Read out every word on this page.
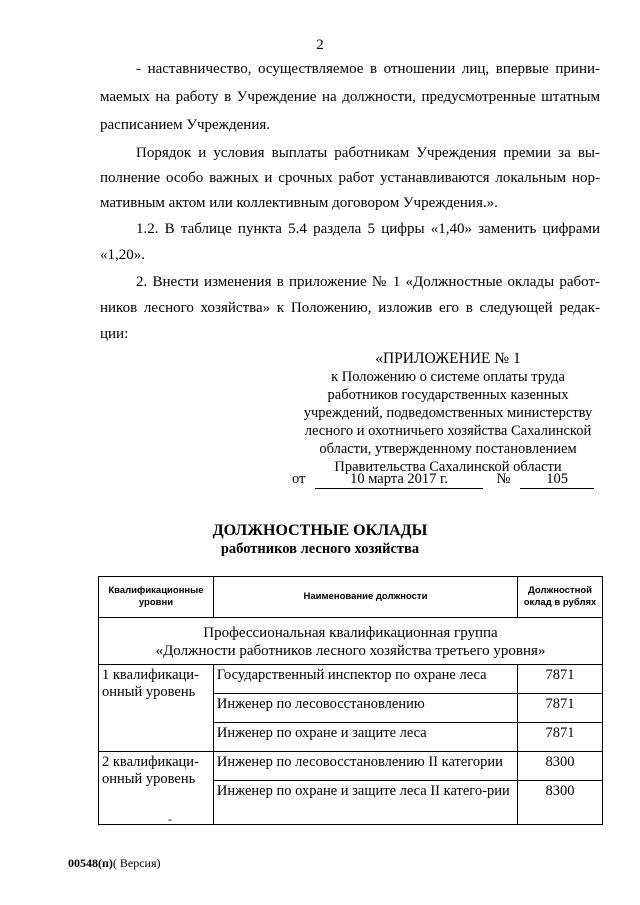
2
- наставничество, осуществляемое в отношении лиц, впервые прини-
маемых на работу в Учреждение на должности, предусмотренные штатным
расписанием Учреждения.
Порядок и условия выплаты работникам Учреждения премии за вы-
полнение особо важных и срочных работ устанавливаются локальным нор-
мативным актом или коллективным договором Учреждения.».
1.2. В таблице пункта 5.4 раздела 5 цифры «1,40» заменить цифрами
«1,20».
2. Внести изменения в приложение № 1 «Должностные оклады работ-
ников лесного хозяйства» к Положению, изложив его в следующей редак-
ции:
«ПРИЛОЖЕНИЕ № 1
к Положению о системе оплаты труда
работников государственных казенных
учреждений, подведомственных министерству
лесного и охотничьего хозяйства Сахалинской
области, утвержденному постановлением
Правительства Сахалинской области
от	10 марта 2017 г.	№ 105
ДОЛЖНОСТНЫЕ ОКЛАДЫ
работников лесного хозяйства
Квалификационные уровни	Наименование должности	Должностной оклад в рублях

Профессиональная квалификационная группа
«Должности работников лесного хозяйства третьего уровня»		

1 квалификаци-онный уровень	Государственный инспектор по охране леса	7871
	Инженер по лесовосстановлению	7871
	Инженер по охране и защите леса	7871
2 квалификаци-онный уровень	Инженер по лесовосстановлению II категории	8300
	Инженер по охране и защите леса II катего-рии	8300
-
00548(п)( Версия)
